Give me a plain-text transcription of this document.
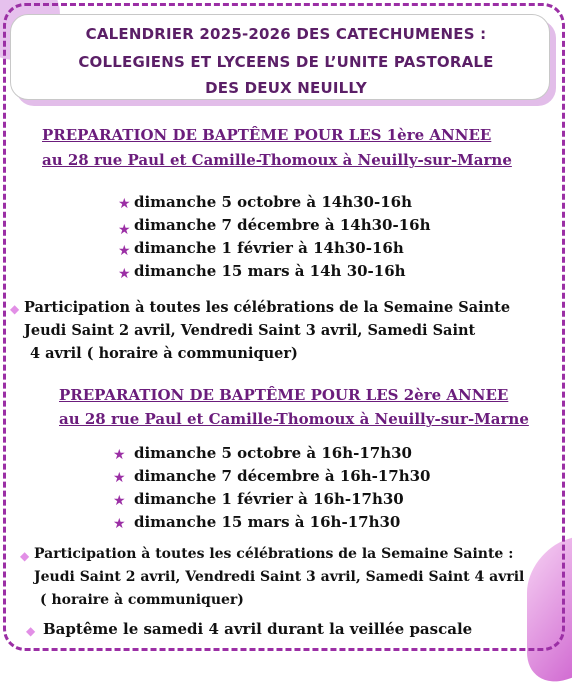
CALENDRIER 2025-2026 DES CATECHUMENES :
COLLEGIENS ET LYCEENS DE L’UNITE PASTORALE
DES DEUX NEUILLY
PREPARATION DE BAPTÊME POUR LES 1ère ANNEE
au 28 rue Paul et Camille-Thomoux à Neuilly-sur-Marne
★ dimanche 5 octobre à 14h30-16h
★ dimanche 7 décembre à 14h30-16h
★ dimanche 1 février à 14h30-16h
★ dimanche 15 mars à 14h 30-16h
◆ Participation à toutes les célébrations de la Semaine Sainte
Jeudi Saint 2 avril, Vendredi Saint 3 avril, Samedi Saint
4 avril ( horaire à communiquer)
PREPARATION DE BAPTÊME POUR LES 2ère ANNEE
au 28 rue Paul et Camille-Thomoux à Neuilly-sur-Marne
★ dimanche 5 octobre à 16h-17h30
★ dimanche 7 décembre à 16h-17h30
★ dimanche 1 février à 16h-17h30
★ dimanche 15 mars à 16h-17h30
◆ Participation à toutes les célébrations de la Semaine Sainte :
Jeudi Saint 2 avril, Vendredi Saint 3 avril, Samedi Saint 4 avril
( horaire à communiquer)
◆ Baptême le samedi 4 avril durant la veillée pascale
